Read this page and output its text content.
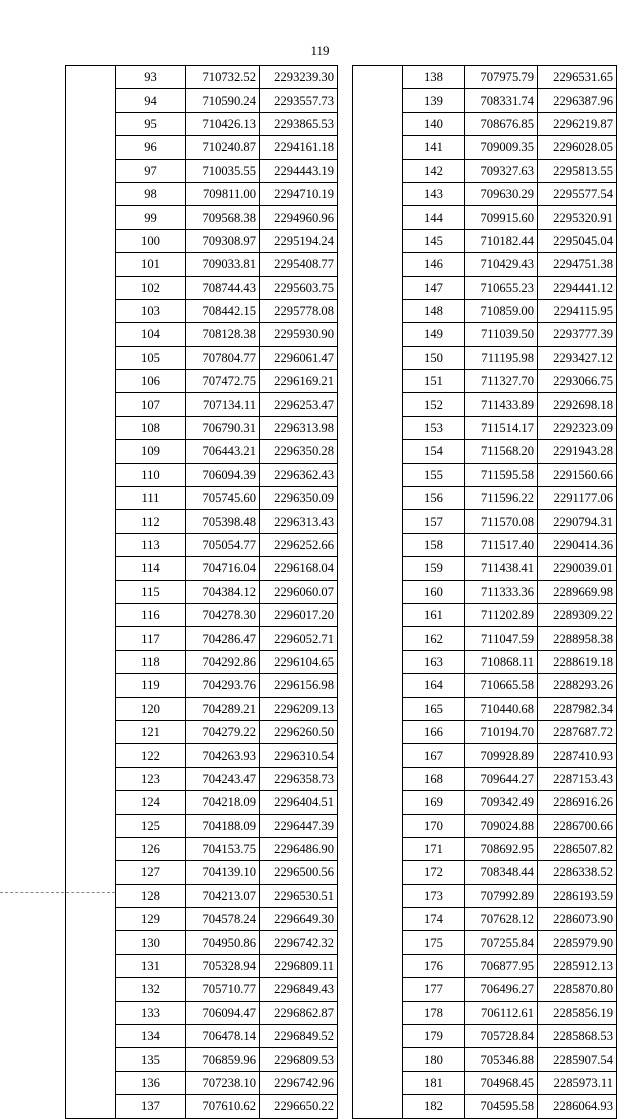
119
	93	710732.52	2293239.30
	94	710590.24	2293557.73
	95	710426.13	2293865.53
	96	710240.87	2294161.18
	97	710035.55	2294443.19
	98	709811.00	2294710.19
	99	709568.38	2294960.96
	100	709308.97	2295194.24
	101	709033.81	2295408.77
	102	708744.43	2295603.75
	103	708442.15	2295778.08
	104	708128.38	2295930.90
	105	707804.77	2296061.47
	106	707472.75	2296169.21
	107	707134.11	2296253.47
	108	706790.31	2296313.98
	109	706443.21	2296350.28
	110	706094.39	2296362.43
	111	705745.60	2296350.09
	112	705398.48	2296313.43
	113	705054.77	2296252.66
	114	704716.04	2296168.04
	115	704384.12	2296060.07
	116	704278.30	2296017.20
	117	704286.47	2296052.71
	118	704292.86	2296104.65
	119	704293.76	2296156.98
	120	704289.21	2296209.13
	121	704279.22	2296260.50
	122	704263.93	2296310.54
	123	704243.47	2296358.73
	124	704218.09	2296404.51
	125	704188.09	2296447.39
	126	704153.75	2296486.90
	127	704139.10	2296500.56
	128	704213.07	2296530.51
	129	704578.24	2296649.30
	130	704950.86	2296742.32
	131	705328.94	2296809.11
	132	705710.77	2296849.43
	133	706094.47	2296862.87
	134	706478.14	2296849.52
	135	706859.96	2296809.53
	136	707238.10	2296742.96
	137	707610.62	2296650.22
	138	707975.79	2296531.65
	139	708331.74	2296387.96
	140	708676.85	2296219.87
	141	709009.35	2296028.05
	142	709327.63	2295813.55
	143	709630.29	2295577.54
	144	709915.60	2295320.91
	145	710182.44	2295045.04
	146	710429.43	2294751.38
	147	710655.23	2294441.12
	148	710859.00	2294115.95
	149	711039.50	2293777.39
	150	711195.98	2293427.12
	151	711327.70	2293066.75
	152	711433.89	2292698.18
	153	711514.17	2292323.09
	154	711568.20	2291943.28
	155	711595.58	2291560.66
	156	711596.22	2291177.06
	157	711570.08	2290794.31
	158	711517.40	2290414.36
	159	711438.41	2290039.01
	160	711333.36	2289669.98
	161	711202.89	2289309.22
	162	711047.59	2288958.38
	163	710868.11	2288619.18
	164	710665.58	2288293.26
	165	710440.68	2287982.34
	166	710194.70	2287687.72
	167	709928.89	2287410.93
	168	709644.27	2287153.43
	169	709342.49	2286916.26
	170	709024.88	2286700.66
	171	708692.95	2286507.82
	172	708348.44	2286338.52
	173	707992.89	2286193.59
	174	707628.12	2286073.90
	175	707255.84	2285979.90
	176	706877.95	2285912.13
	177	706496.27	2285870.80
	178	706112.61	2285856.19
	179	705728.84	2285868.53
	180	705346.88	2285907.54
	181	704968.45	2285973.11
	182	704595.58	2286064.93
